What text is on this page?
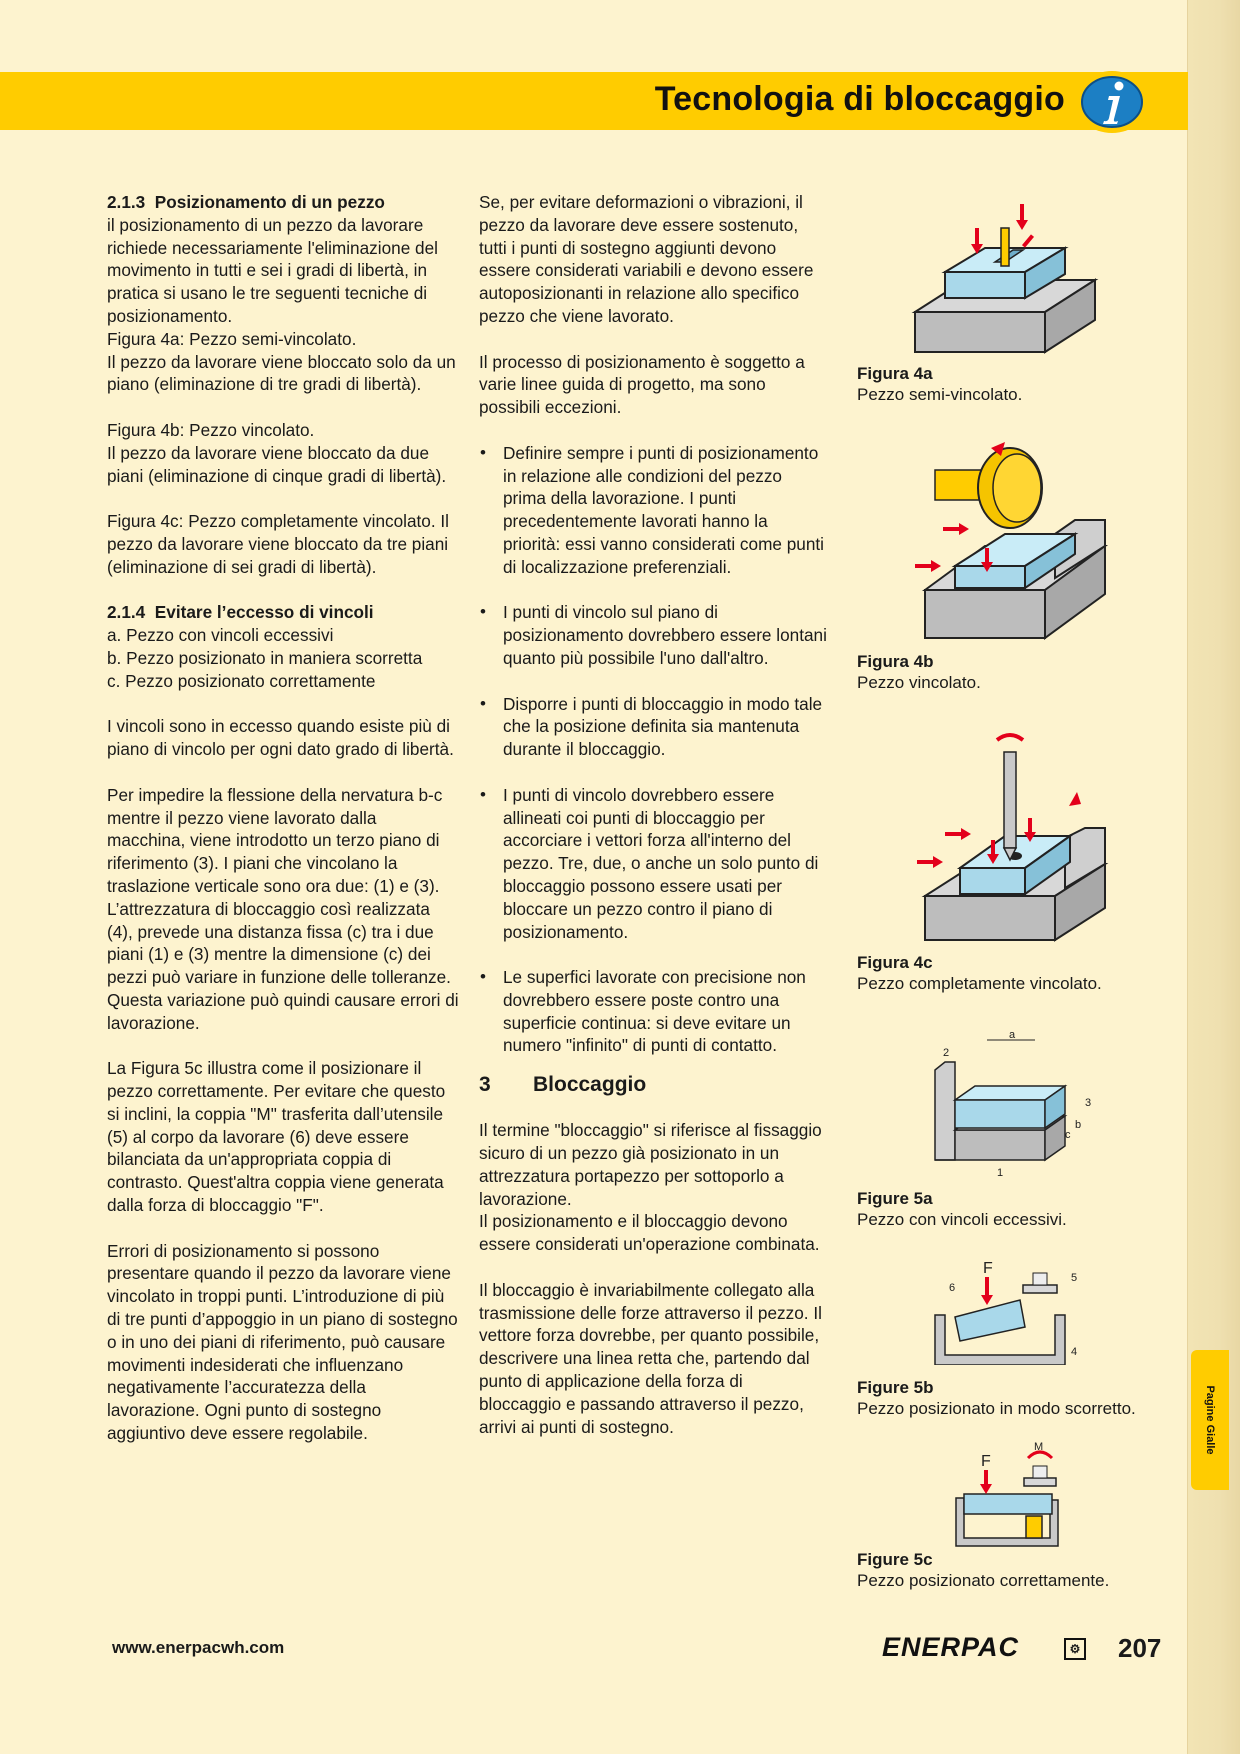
Tecnologia di bloccaggio

2.1.3 Posizionamento di un pezzo

il posizionamento di un pezzo da lavorare richiede necessariamente l'eliminazione del movimento in tutti e sei i gradi di libertà, in pratica si usano le tre seguenti tecniche di posizionamento.

Figura 4a: Pezzo semi-vincolato.

Il pezzo da lavorare viene bloccato solo da un piano (eliminazione di tre gradi di libertà).

Figura 4b: Pezzo vincolato.

Il pezzo da lavorare viene bloccato da due piani (eliminazione di cinque gradi di libertà).

Figura 4c: Pezzo completamente vincolato. Il pezzo da lavorare viene bloccato da tre piani (eliminazione di sei gradi di libertà).

2.1.4 Evitare l’eccesso di vincoli

a. Pezzo con vincoli eccessivi

b. Pezzo posizionato in maniera scorretta

c. Pezzo posizionato correttamente

I vincoli sono in eccesso quando esiste più di piano di vincolo per ogni dato grado di libertà.

Per impedire la flessione della nervatura b-c mentre il pezzo viene lavorato dalla macchina, viene introdotto un terzo piano di riferimento (3). I piani che vincolano la traslazione verticale sono ora due: (1) e (3). L’attrezzatura di bloccaggio così realizzata (4), prevede una distanza fissa (c) tra i due piani (1) e (3) mentre la dimensione (c) dei pezzi può variare in funzione delle tolleranze. Questa variazione può quindi causare errori di lavorazione.

La Figura 5c illustra come il posizionare il pezzo correttamente. Per evitare che questo si inclini, la coppia "M" trasferita dall’utensile (5) al corpo da lavorare (6) deve essere bilanciata da un'appropriata coppia di contrasto. Quest'altra coppia viene generata dalla forza di bloccaggio "F".

Errori di posizionamento si possono presentare quando il pezzo da lavorare viene vincolato in troppi punti. L’introduzione di più di tre punti d’appoggio in un piano di sostegno o in uno dei piani di riferimento, può causare movimenti indesiderati che influenzano negativamente l’accuratezza della lavorazione. Ogni punto di sostegno aggiuntivo deve essere regolabile.

Se, per evitare deformazioni o vibrazioni, il pezzo da lavorare deve essere sostenuto, tutti i punti di sostegno aggiunti devono essere considerati variabili e devono essere autoposizionanti in relazione allo specifico pezzo che viene lavorato.

Il processo di posizionamento è soggetto a varie linee guida di progetto, ma sono possibili eccezioni.

• Definire sempre i punti di posizionamento in relazione alle condizioni del pezzo prima della lavorazione. I punti precedentemente lavorati hanno la priorità: essi vanno considerati come punti di localizzazione preferenziali.

• I punti di vincolo sul piano di posizionamento dovrebbero essere lontani quanto più possibile l'uno dall'altro.

• Disporre i punti di bloccaggio in modo tale che la posizione definita sia mantenuta durante il bloccaggio.

• I punti di vincolo dovrebbero essere allineati coi punti di bloccaggio per accorciare i vettori forza all'interno del pezzo. Tre, due, o anche un solo punto di bloccaggio possono essere usati per bloccare un pezzo contro il piano di posizionamento.

• Le superfici lavorate con precisione non dovrebbero essere poste contro una superficie continua: si deve evitare un numero "infinito" di punti di contatto.

3 Bloccaggio

Il termine "bloccaggio" si riferisce al fissaggio sicuro di un pezzo già posizionato in un attrezzatura portapezzo per sottoporlo a lavorazione.

Il posizionamento e il bloccaggio devono essere considerati un'operazione combinata.

Il bloccaggio è invariabilmente collegato alla trasmissione delle forze attraverso il pezzo. Il vettore forza dovrebbe, per quanto possibile, descrivere una linea retta che, partendo dal punto di applicazione della forza di bloccaggio e passando attraverso il pezzo, arrivi ai punti di sostegno.

Figura 4a
Pezzo semi-vincolato.
Figura 4b
Pezzo vincolato.
Figura 4c
Pezzo completamente vincolato.
a
b
c
1
2
3
Figure 5a
Pezzo con vincoli eccessivi.
F
5
6
4
Figure 5b
Pezzo posizionato in modo scorretto.
F
M
Figure 5c
Pezzo posizionato correttamente.
Pagine Gialle
www.enerpacwh.com	ENERPAC	⚙ 207
